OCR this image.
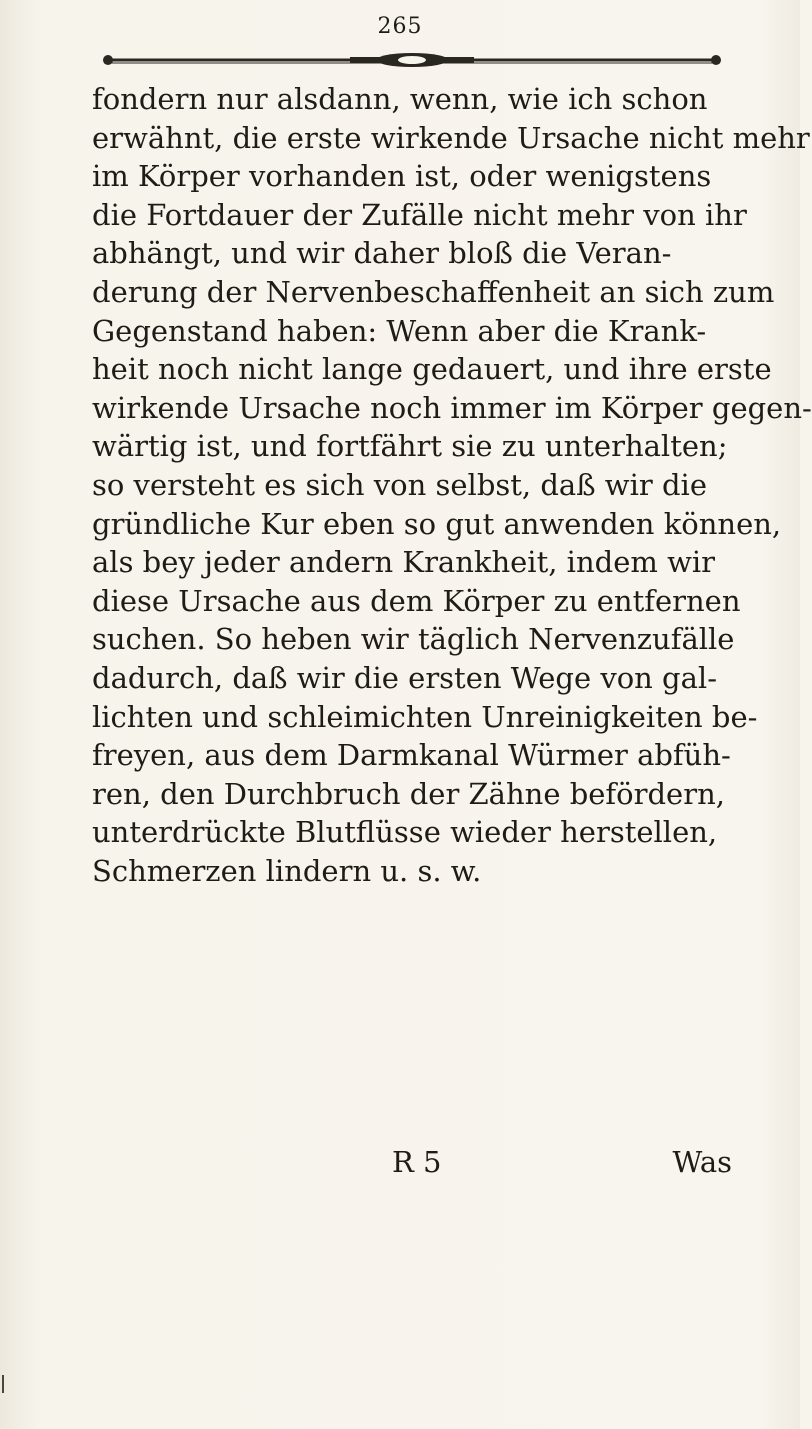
265
fondern nur alsdann, wenn, wie ich schon
erwähnt, die erste wirkende Ursache nicht mehr
im Körper vorhanden ist, oder wenigstens
die Fortdauer der Zufälle nicht mehr von ihr
abhängt, und wir daher bloß die Veran-
derung der Nervenbeschaffenheit an sich zum
Gegenstand haben: Wenn aber die Krank-
heit noch nicht lange gedauert, und ihre erste
wirkende Ursache noch immer im Körper gegen-
wärtig ist, und fortfährt sie zu unterhalten;
so versteht es sich von selbst, daß wir die
gründliche Kur eben so gut anwenden können,
als bey jeder andern Krankheit, indem wir
diese Ursache aus dem Körper zu entfernen
suchen. So heben wir täglich Nervenzufälle
dadurch, daß wir die ersten Wege von gal-
lichten und schleimichten Unreinigkeiten be-
freyen, aus dem Darmkanal Würmer abfüh-
ren, den Durchbruch der Zähne befördern,
unterdrückte Blutflüsse wieder herstellen,
Schmerzen lindern u. s. w.
R 5	Was
